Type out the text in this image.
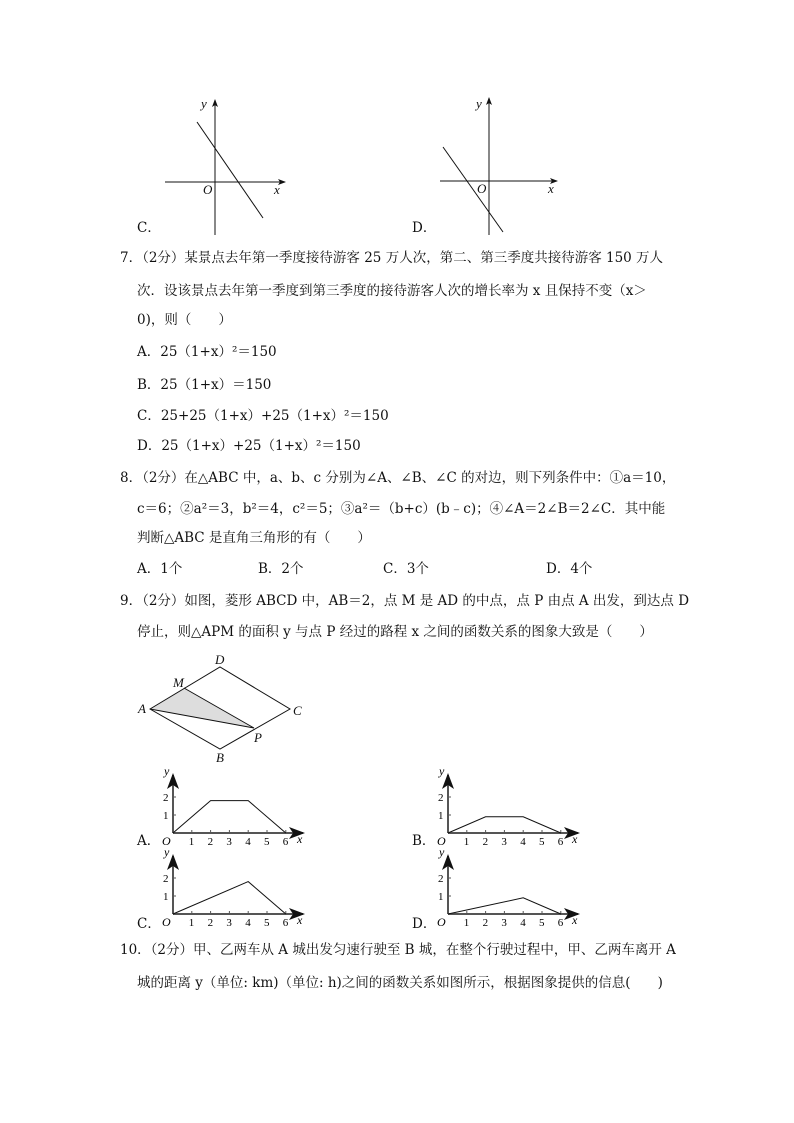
1 2 3 4 5 6
1
2
x
y
O	1 2 3 4 5 6
1
2
x
y
O
1 2 3 4 5 6
1
2
x
y
O	1 2 3 4 5 6
1
2
x
y
O
y
x
O
y
x
O
C．	D．
7．（2分）某景点去年第一季度接待游客 25 万人次，第二、第三季度共接待游客 150 万人
次．设该景点去年第一季度到第三季度的接待游客人次的增长率为 x 且保持不变（x＞
0)，则（　　）
A．25（1+x）²＝150
B．25（1+x）＝150
C．25+25（1+x）+25（1+x）²＝150
D．25（1+x）+25（1+x）²＝150
8．（2分）在△ABC 中，a、b、c 分别为∠A、∠B、∠C 的对边，则下列条件中：①a＝10，
c＝6；②a²＝3，b²＝4，c²＝5；③a²＝（b+c）(b﹣c)；④∠A＝2∠B＝2∠C．其中能
判断△ABC 是直角三角形的有（　　）
A．1个	B．2个	C．3个	D．4个
9．（2分）如图，菱形 ABCD 中，AB＝2，点 M 是 AD 的中点，点 P 由点 A 出发，到达点 D
停止，则△APM 的面积 y 与点 P 经过的路程 x 之间的函数关系的图象大致是（　　）
D
M
A	C
P
B
A．	B．
C．	D．
10．（2分）甲、乙两车从 A 城出发匀速行驶至 B 城，在整个行驶过程中，甲、乙两车离开 A
城的距离 y（单位: km)（单位: h)之间的函数关系如图所示，根据图象提供的信息(　　)
